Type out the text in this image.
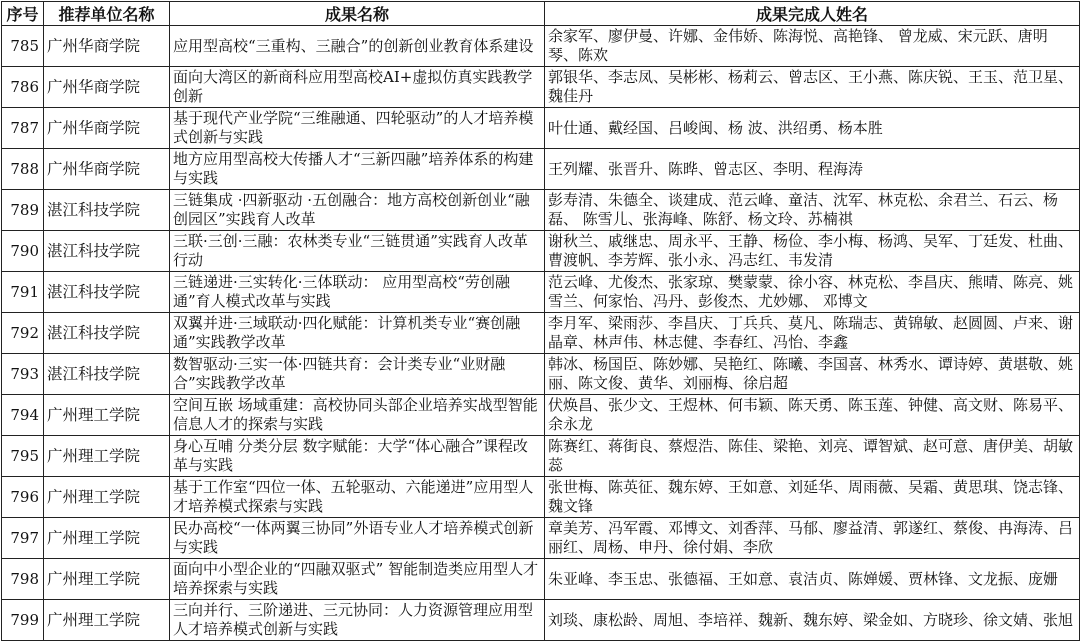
序号	推荐单位名称	成果名称	成果完成人姓名
785	广州华商学院	应用型高校“三重构、三融合”的创新创业教育体系建设	余家军、廖伊曼、许娜、金伟娇、陈海悦、高艳锋、 曾龙威、宋元跃、唐明琴、陈欢
786	广州华商学院	面向大湾区的新商科应用型高校AI+虚拟仿真实践教学创新	郭银华、李志凤、吴彬彬、杨莉云、曾志区、王小燕、陈庆锐、王玉、范卫星、魏佳丹
787	广州华商学院	基于现代产业学院“三维融通、四轮驱动”的人才培养模式创新与实践	叶仕通、戴经国、吕峻闽、杨 波、洪绍勇、杨本胜
788	广州华商学院	地方应用型高校大传播人才“三新四融”培养体系的构建与实践	王列耀、张晋升、陈晔、曾志区、李明、程海涛
789	湛江科技学院	三链集成 ·四新驱动 ·五创融合：地方高校创新创业“融创园区”实践育人改革	彭寿清、朱德全、谈建成、范云峰、童洁、沈军、林克松、余君兰、石云、杨磊、 陈雪儿、张海峰、陈舒、杨文玲、苏楠祺
790	湛江科技学院	三联·三创·三融：农林类专业“三链贯通”实践育人改革行动	谢秋兰、戚继忠、周永平、王静、杨俭、李小梅、杨鸿、吴军、丁廷发、杜曲、曹渡帆、李芳辉、张小永、冯志红、韦发清
791	湛江科技学院	三链递进·三实转化·三体联动： 应用型高校“劳创融通”育人模式改革与实践	范云峰、尤俊杰、张家琼、樊蒙蒙、徐小容、林克松、李昌庆、熊晴、陈亮、姚雪兰、何家怡、冯丹、彭俊杰、尤妙娜、 邓博文
792	湛江科技学院	双翼并进·三域联动·四化赋能：计算机类专业“赛创融通”实践教学改革	李月军、梁雨莎、李昌庆、丁兵兵、莫凡、陈瑞志、黄锦敏、赵圆圆、卢来、谢晶章、林声伟、林志健、李春红、冯怡、李鑫
793	湛江科技学院	数智驱动·三实一体·四链共育：会计类专业“业财融合”实践教学改革	韩冰、杨国臣、陈妙娜、吴艳红、陈曦、李国喜、林秀水、谭诗婷、黄堪敬、姚丽、陈文俊、黄华、刘丽梅、徐启超
794	广州理工学院	空间互嵌 场域重建：高校协同头部企业培养实战型智能信息人才的探索与实践	伏焕昌、张少文、王煜林、何韦颖、陈天勇、陈玉莲、钟健、高文财、陈易平、余永龙
795	广州理工学院	身心互哺 分类分层 数字赋能：大学“体心融合”课程改革与实践	陈赛红、蒋街良、蔡煜浩、陈佳、梁艳、刘亮、谭智斌、赵可意、唐伊美、胡敏蕊
796	广州理工学院	基于工作室“四位一体、五轮驱动、六能递进”应用型人才培养模式探索与实践	张世梅、陈英征、魏东婷、王如意、刘延华、周雨薇、吴霜、黄思琪、饶志锋、魏文锋
797	广州理工学院	民办高校“一体两翼三协同”外语专业人才培养模式创新与实践	章美芳、冯军霞、邓博文、刘香萍、马郁、廖益清、郭遂红、蔡俊、冉海涛、吕丽红、周杨、申丹、徐付娟、李欣
798	广州理工学院	面向中小型企业的“四融双驱式” 智能制造类应用型人才培养探索与实践	朱亚峰、李玉忠、张德福、王如意、袁洁贞、陈婵媛、贾林锋、文龙振、庞姗
799	广州理工学院	三向并行、三阶递进、三元协同：人力资源管理应用型人才培养模式创新与实践	刘琰、康松龄、周旭、李培祥、魏新、魏东婷、梁金如、方晓珍、徐文婧、张旭
